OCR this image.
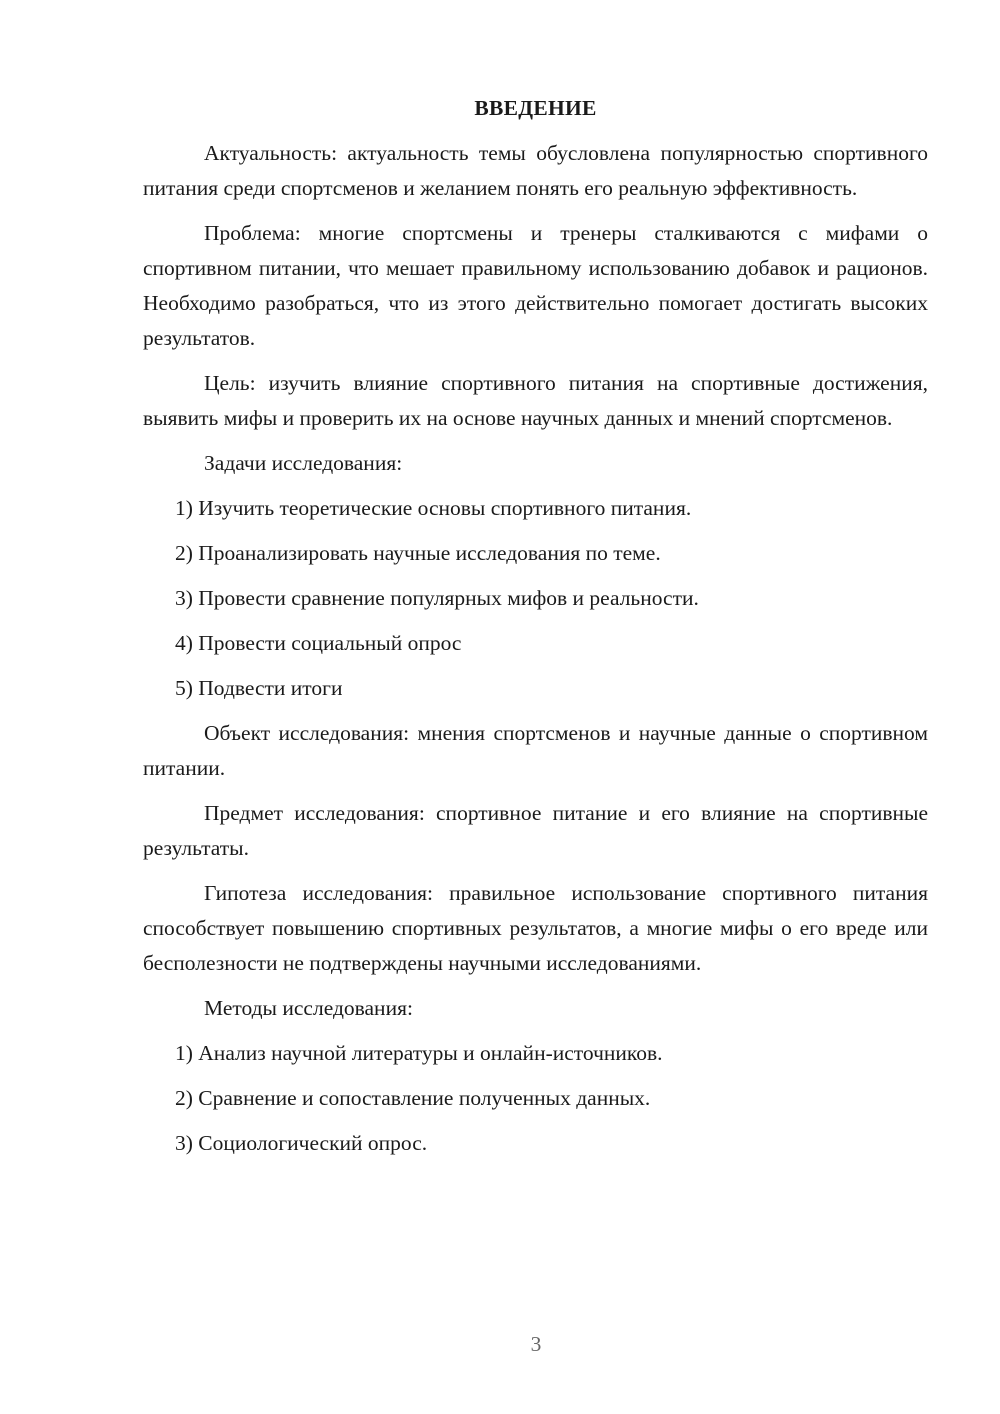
ВВЕДЕНИЕ

Актуальность: актуальность темы обусловлена популярностью спортивного питания среди спортсменов и желанием понять его реальную эффективность.

Проблема: многие спортсмены и тренеры сталкиваются с мифами о спортивном питании, что мешает правильному использованию добавок и рационов. Необходимо разобраться, что из этого действительно помогает достигать высоких результатов.

Цель: изучить влияние спортивного питания на спортивные достижения, выявить мифы и проверить их на основе научных данных и мнений спортсменов.

Задачи исследования:

1) Изучить теоретические основы спортивного питания.
2) Проанализировать научные исследования по теме.
3) Провести сравнение популярных мифов и реальности.
4) Провести социальный опрос
5) Подвести итоги

Объект исследования: мнения спортсменов и научные данные о спортивном питании.

Предмет исследования: спортивное питание и его влияние на спортивные результаты.

Гипотеза исследования: правильное использование спортивного питания способствует повышению спортивных результатов, а многие мифы о его вреде или бесполезности не подтверждены научными исследованиями.

Методы исследования:

1) Анализ научной литературы и онлайн-источников.
2) Сравнение и сопоставление полученных данных.
3) Социологический опрос.
3
